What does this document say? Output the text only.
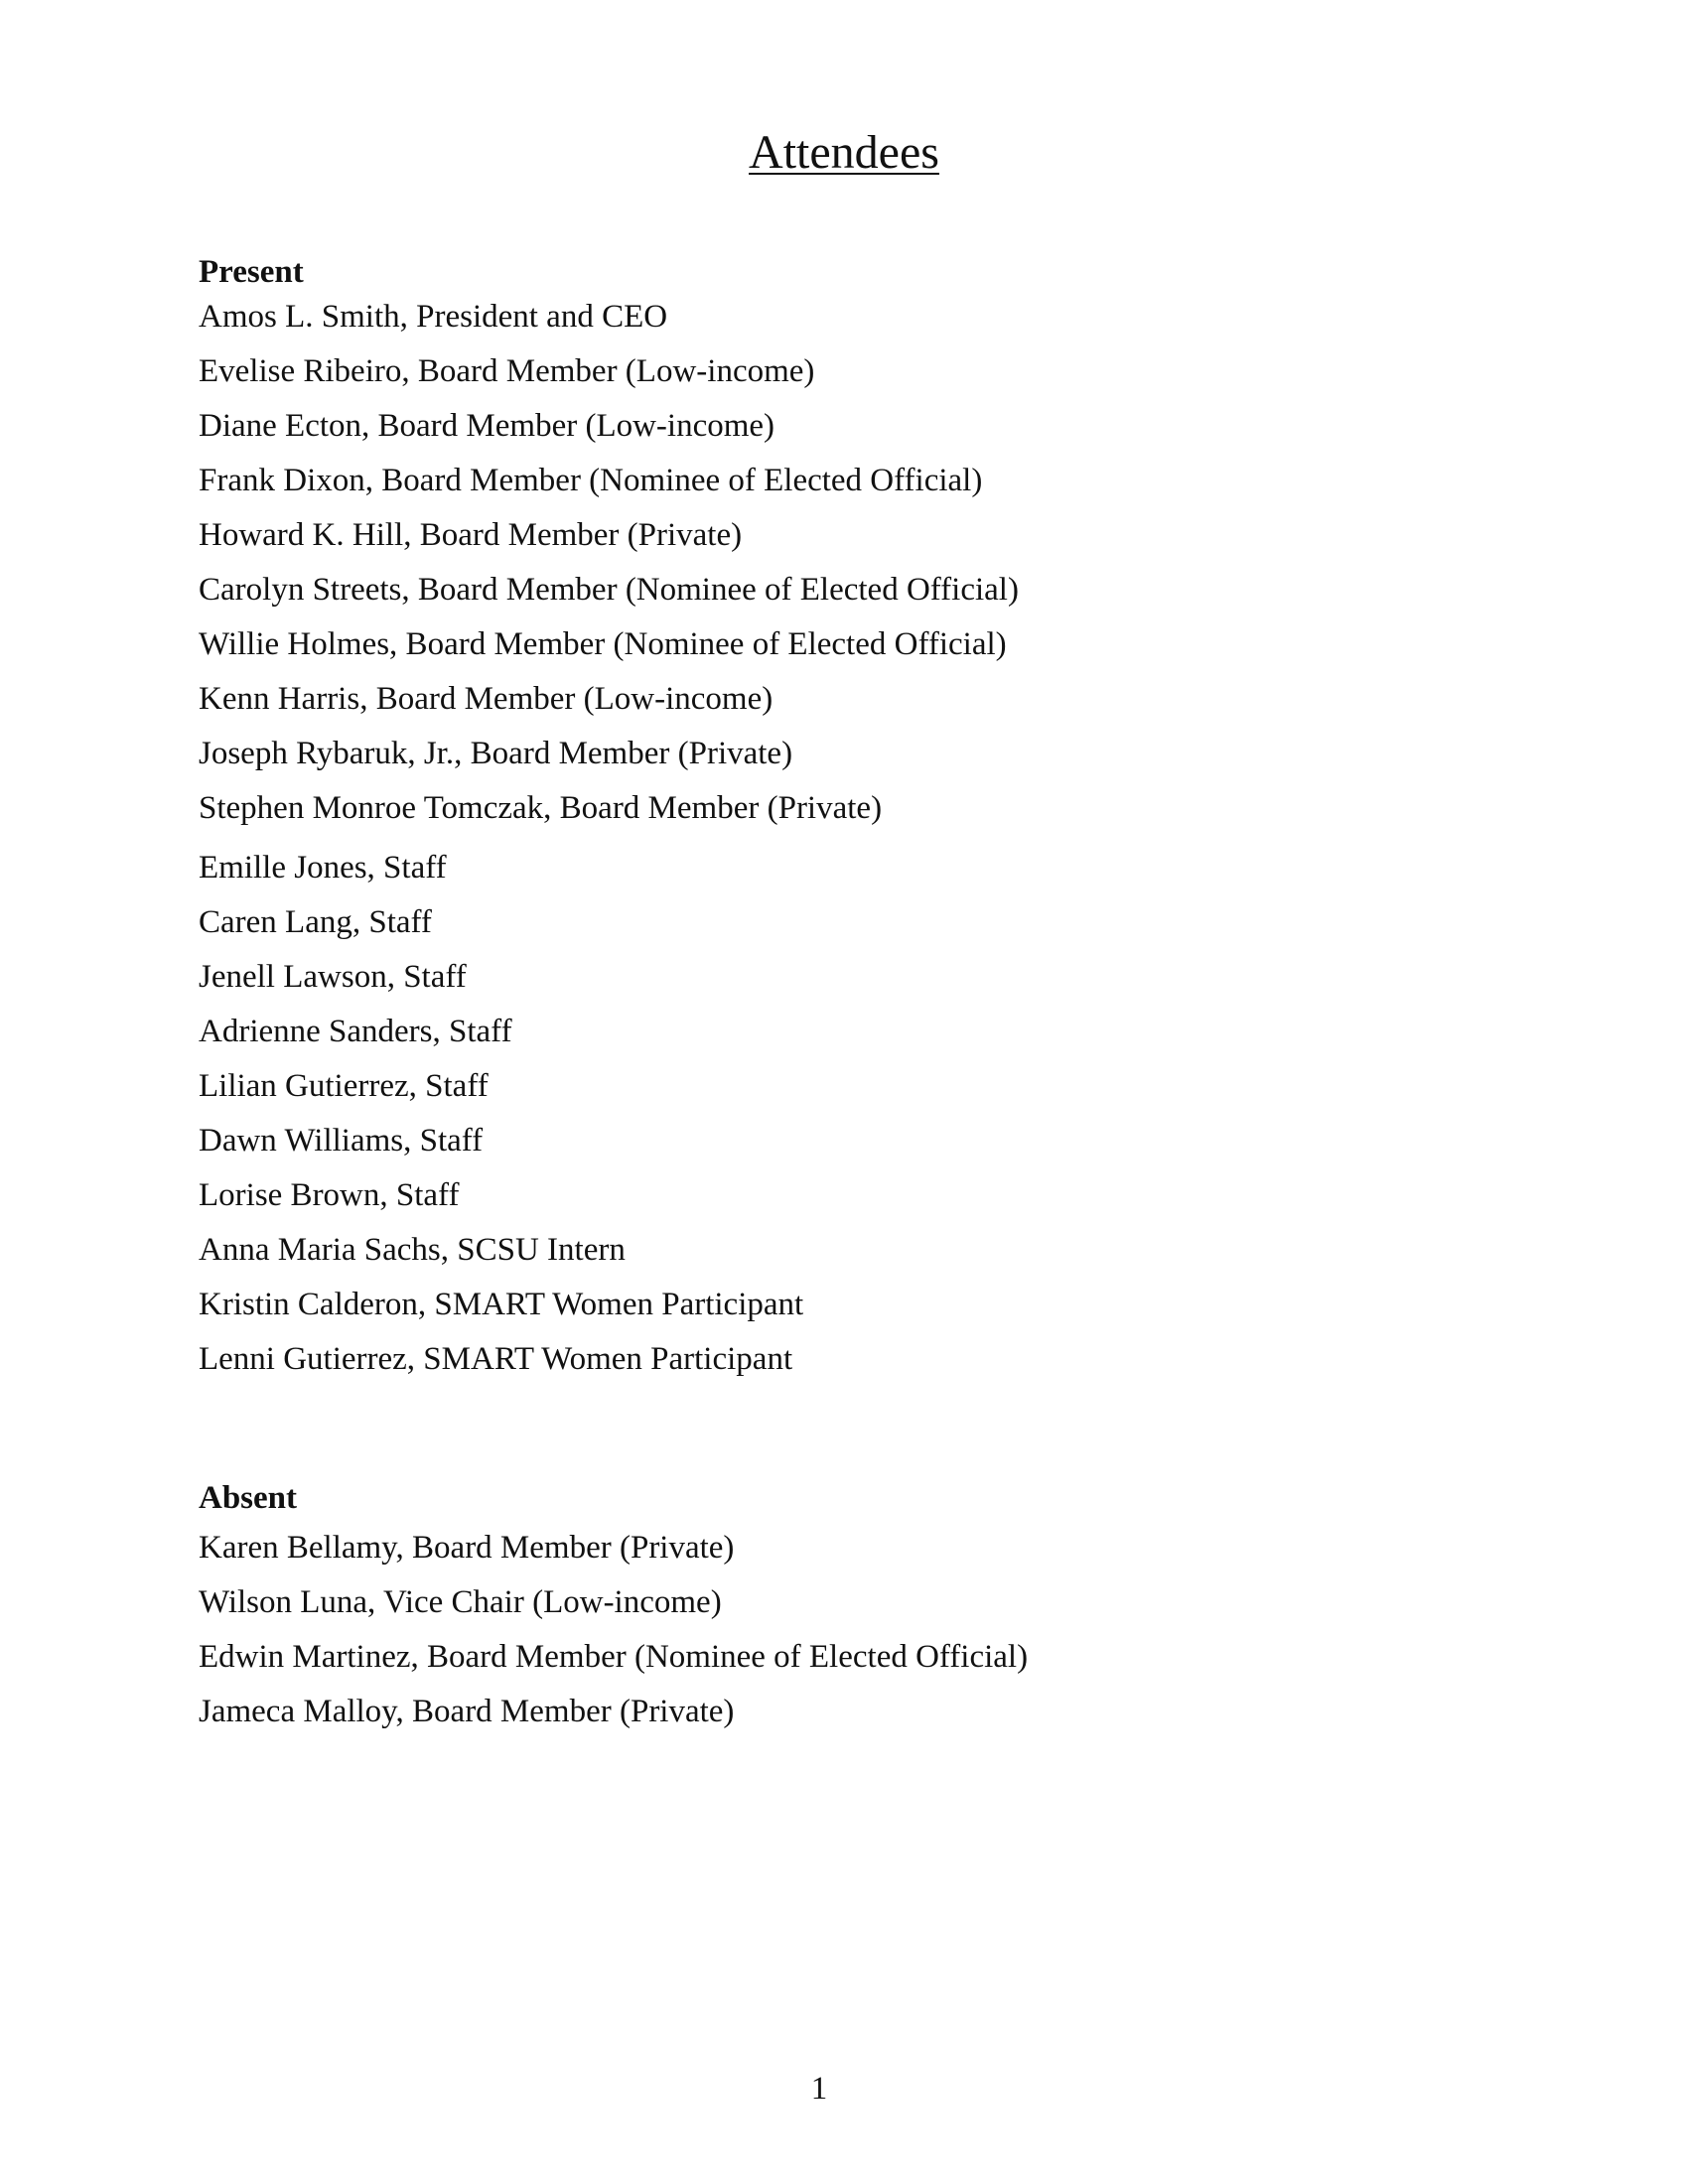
Attendees
Present
Amos L. Smith, President and CEO
Evelise Ribeiro, Board Member (Low-income)
Diane Ecton, Board Member (Low-income)
Frank Dixon, Board Member (Nominee of Elected Official)
Howard K. Hill, Board Member (Private)
Carolyn Streets, Board Member (Nominee of Elected Official)
Willie Holmes, Board Member (Nominee of Elected Official)
Kenn Harris, Board Member (Low-income)
Joseph Rybaruk, Jr., Board Member (Private)
Stephen Monroe Tomczak, Board Member (Private)
Emille Jones, Staff
Caren Lang, Staff
Jenell Lawson, Staff
Adrienne Sanders, Staff
Lilian Gutierrez, Staff
Dawn Williams, Staff
Lorise Brown, Staff
Anna Maria Sachs, SCSU Intern
Kristin Calderon, SMART Women Participant
Lenni Gutierrez, SMART Women Participant
Absent
Karen Bellamy, Board Member (Private)
Wilson Luna, Vice Chair (Low-income)
Edwin Martinez, Board Member (Nominee of Elected Official)
Jameca Malloy, Board Member (Private)
1
